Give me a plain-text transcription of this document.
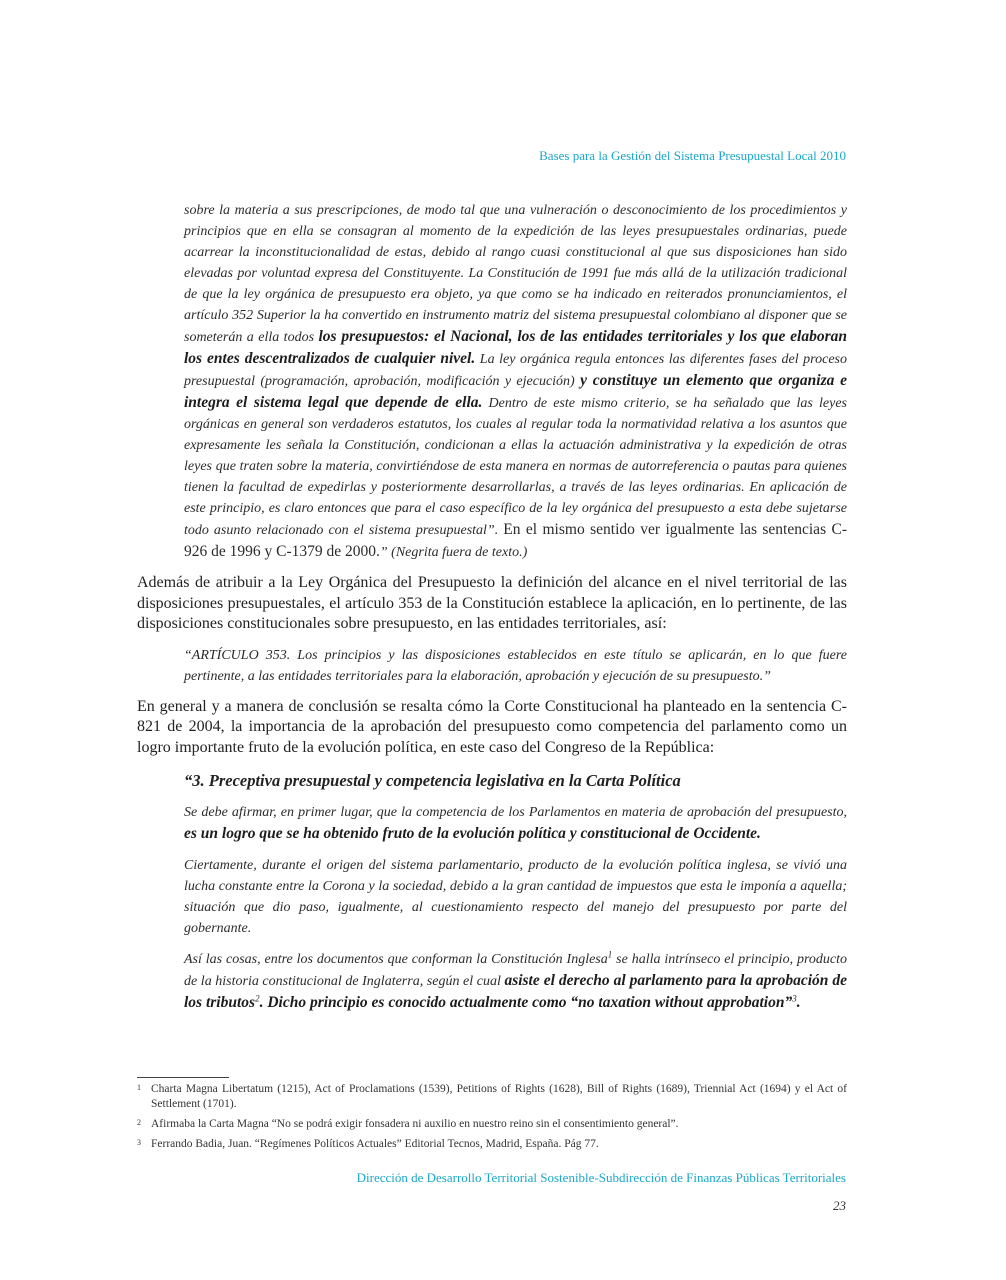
Bases para la Gestión del Sistema Presupuestal Local 2010
sobre la materia a sus prescripciones, de modo tal que una vulneración o desconocimiento de los procedimientos y principios que en ella se consagran al momento de la expedición de las leyes presupuestales ordinarias, puede acarrear la inconstitucionalidad de estas, debido al rango cuasi constitucional al que sus disposiciones han sido elevadas por voluntad expresa del Constituyente. La Constitución de 1991 fue más allá de la utilización tradicional de que la ley orgánica de presupuesto era objeto, ya que como se ha indicado en reiterados pronunciamientos, el artículo 352 Superior la ha convertido en instrumento matriz del sistema presupuestal colombiano al disponer que se someterán a ella todos los presupuestos: el Nacional, los de las entidades territoriales y los que elaboran los entes descentralizados de cualquier nivel. La ley orgánica regula entonces las diferentes fases del proceso presupuestal (programación, aprobación, modificación y ejecución) y constituye un elemento que organiza e integra el sistema legal que depende de ella. Dentro de este mismo criterio, se ha señalado que las leyes orgánicas en general son verdaderos estatutos, los cuales al regular toda la normatividad relativa a los asuntos que expresamente les señala la Constitución, condicionan a ellas la actuación administrativa y la expedición de otras leyes que traten sobre la materia, convirtiéndose de esta manera en normas de autorreferencia o pautas para quienes tienen la facultad de expedirlas y posteriormente desarrollarlas, a través de las leyes ordinarias. En aplicación de este principio, es claro entonces que para el caso específico de la ley orgánica del presupuesto a esta debe sujetarse todo asunto relacionado con el sistema presupuestal”. En el mismo sentido ver igualmente las sentencias C-926 de 1996 y C-1379 de 2000.” (Negrita fuera de texto.)

Además de atribuir a la Ley Orgánica del Presupuesto la definición del alcance en el nivel territorial de las disposiciones presupuestales, el artículo 353 de la Constitución establece la aplicación, en lo pertinente, de las disposiciones constitucionales sobre presupuesto, en las entidades territoriales, así:

“ARTÍCULO 353. Los principios y las disposiciones establecidos en este título se aplicarán, en lo que fuere pertinente, a las entidades territoriales para la elaboración, aprobación y ejecución de su presupuesto.”

En general y a manera de conclusión se resalta cómo la Corte Constitucional ha planteado en la sentencia C-821 de 2004, la importancia de la aprobación del presupuesto como competencia del parlamento como un logro importante fruto de la evolución política, en este caso del Congreso de la República:

“3. Preceptiva presupuestal y competencia legislativa en la Carta Política
Se debe afirmar, en primer lugar, que la competencia de los Parlamentos en materia de aprobación del presupuesto, es un logro que se ha obtenido fruto de la evolución política y constitucional de Occidente.
Ciertamente, durante el origen del sistema parlamentario, producto de la evolución política inglesa, se vivió una lucha constante entre la Corona y la sociedad, debido a la gran cantidad de impuestos que esta le imponía a aquella; situación que dio paso, igualmente, al cuestionamiento respecto del manejo del presupuesto por parte del gobernante.
Así las cosas, entre los documentos que conforman la Constitución Inglesa$^1$ se halla intrínseco el principio, producto de la historia constitucional de Inglaterra, según el cual asiste el derecho al parlamento para la aprobación de los tributos$^2$. Dicho principio es conocido actualmente como “no taxation without approbation”$^3$.
1 Charta Magna Libertatum (1215), Act of Proclamations (1539), Petitions of Rights (1628), Bill of Rights (1689), Triennial Act (1694) y el Act of Settlement (1701).
2 Afirmaba la Carta Magna “No se podrá exigir fonsadera ni auxilio en nuestro reino sin el consentimiento general”.
3 Ferrando Badia, Juan. “Regímenes Políticos Actuales” Editorial Tecnos, Madrid, España. Pág 77.
Dirección de Desarrollo Territorial Sostenible-Subdirección de Finanzas Públicas Territoriales
23
